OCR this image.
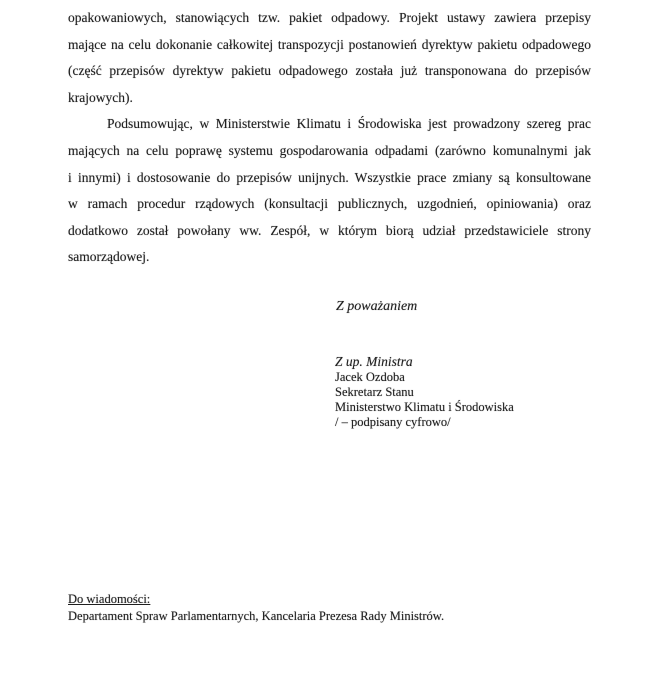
opakowaniowych, stanowiących tzw. pakiet odpadowy. Projekt ustawy zawiera przepisy
mające na celu dokonanie całkowitej transpozycji postanowień dyrektyw pakietu odpadowego
(część przepisów dyrektyw pakietu odpadowego została już transponowana do przepisów
krajowych).
Podsumowując, w Ministerstwie Klimatu i Środowiska jest prowadzony szereg prac
mających na celu poprawę systemu gospodarowania odpadami (zarówno komunalnymi jak
i innymi) i dostosowanie do przepisów unijnych. Wszystkie prace zmiany są konsultowane
w ramach procedur rządowych (konsultacji publicznych, uzgodnień, opiniowania) oraz
dodatkowo został powołany ww. Zespół, w którym biorą udział przedstawiciele strony
samorządowej.
Z poważaniem
Z up. Ministra
Jacek Ozdoba
Sekretarz Stanu
Ministerstwo Klimatu i Środowiska
/ – podpisany cyfrowo/
Do wiadomości:
Departament Spraw Parlamentarnych, Kancelaria Prezesa Rady Ministrów.
